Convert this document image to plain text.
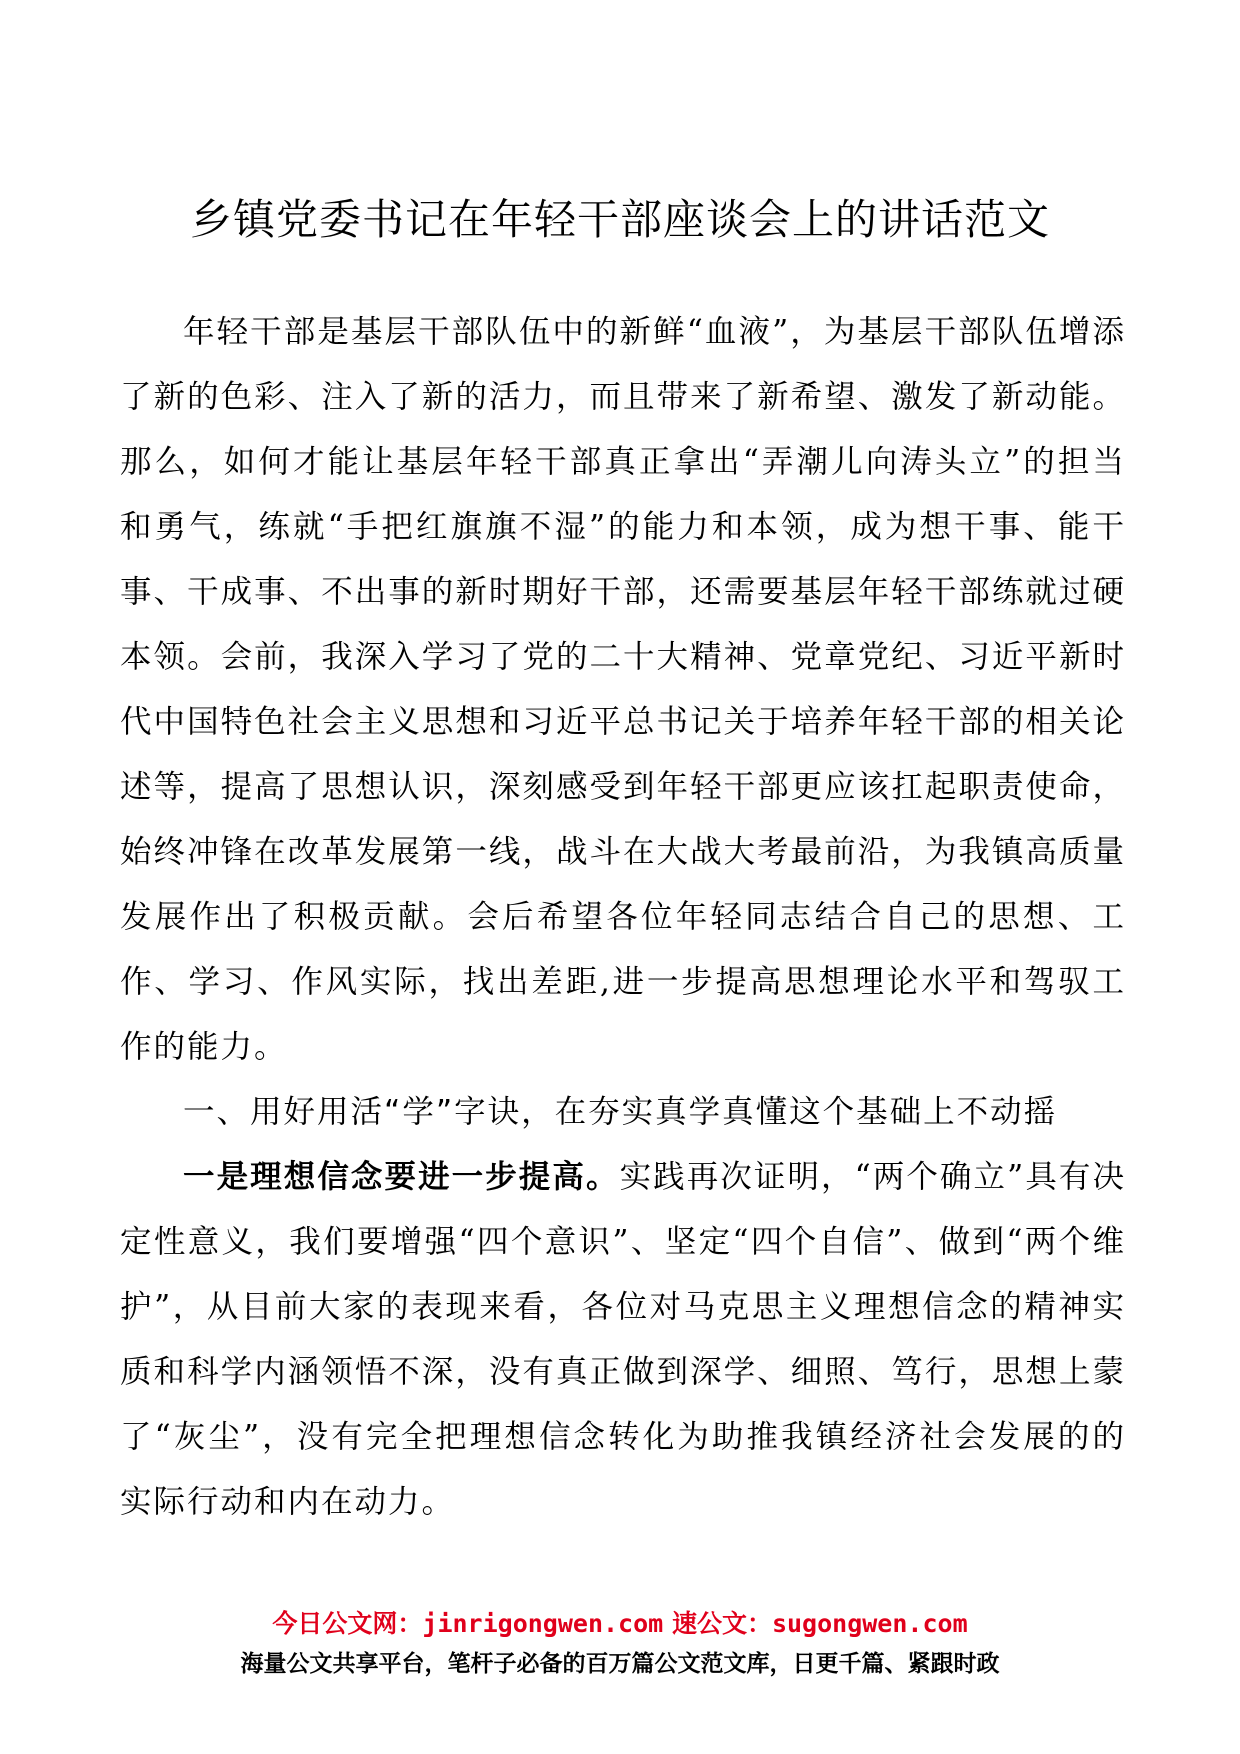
乡镇党委书记在年轻干部座谈会上的讲话范文

年轻干部是基层干部队伍中的新鲜“血液”，为基层干部队伍增添了新的色彩、注入了新的活力，而且带来了新希望、激发了新动能。那么，如何才能让基层年轻干部真正拿出“弄潮儿向涛头立”的担当和勇气，练就“手把红旗旗不湿”的能力和本领，成为想干事、能干事、干成事、不出事的新时期好干部，还需要基层年轻干部练就过硬本领。会前，我深入学习了党的二十大精神、党章党纪、习近平新时代中国特色社会主义思想和习近平总书记关于培养年轻干部的相关论述等，提高了思想认识，深刻感受到年轻干部更应该扛起职责使命，始终冲锋在改革发展第一线，战斗在大战大考最前沿，为我镇高质量发展作出了积极贡献。会后希望各位年轻同志结合自己的思想、工作、学习、作风实际，找出差距,进一步提高思想理论水平和驾驭工作的能力。

一、用好用活“学”字诀，在夯实真学真懂这个基础上不动摇

一是理想信念要进一步提高。实践再次证明，“两个确立”具有决定性意义，我们要增强“四个意识”、坚定“四个自信”、做到“两个维护”，从目前大家的表现来看，各位对马克思主义理想信念的精神实质和科学内涵领悟不深，没有真正做到深学、细照、笃行，思想上蒙了“灰尘”，没有完全把理想信念转化为助推我镇经济社会发展的的实际行动和内在动力。

今日公文网：jinrigongwen.com 速公文：sugongwen.com
海量公文共享平台，笔杆子必备的百万篇公文范文库，日更千篇、紧跟时政
